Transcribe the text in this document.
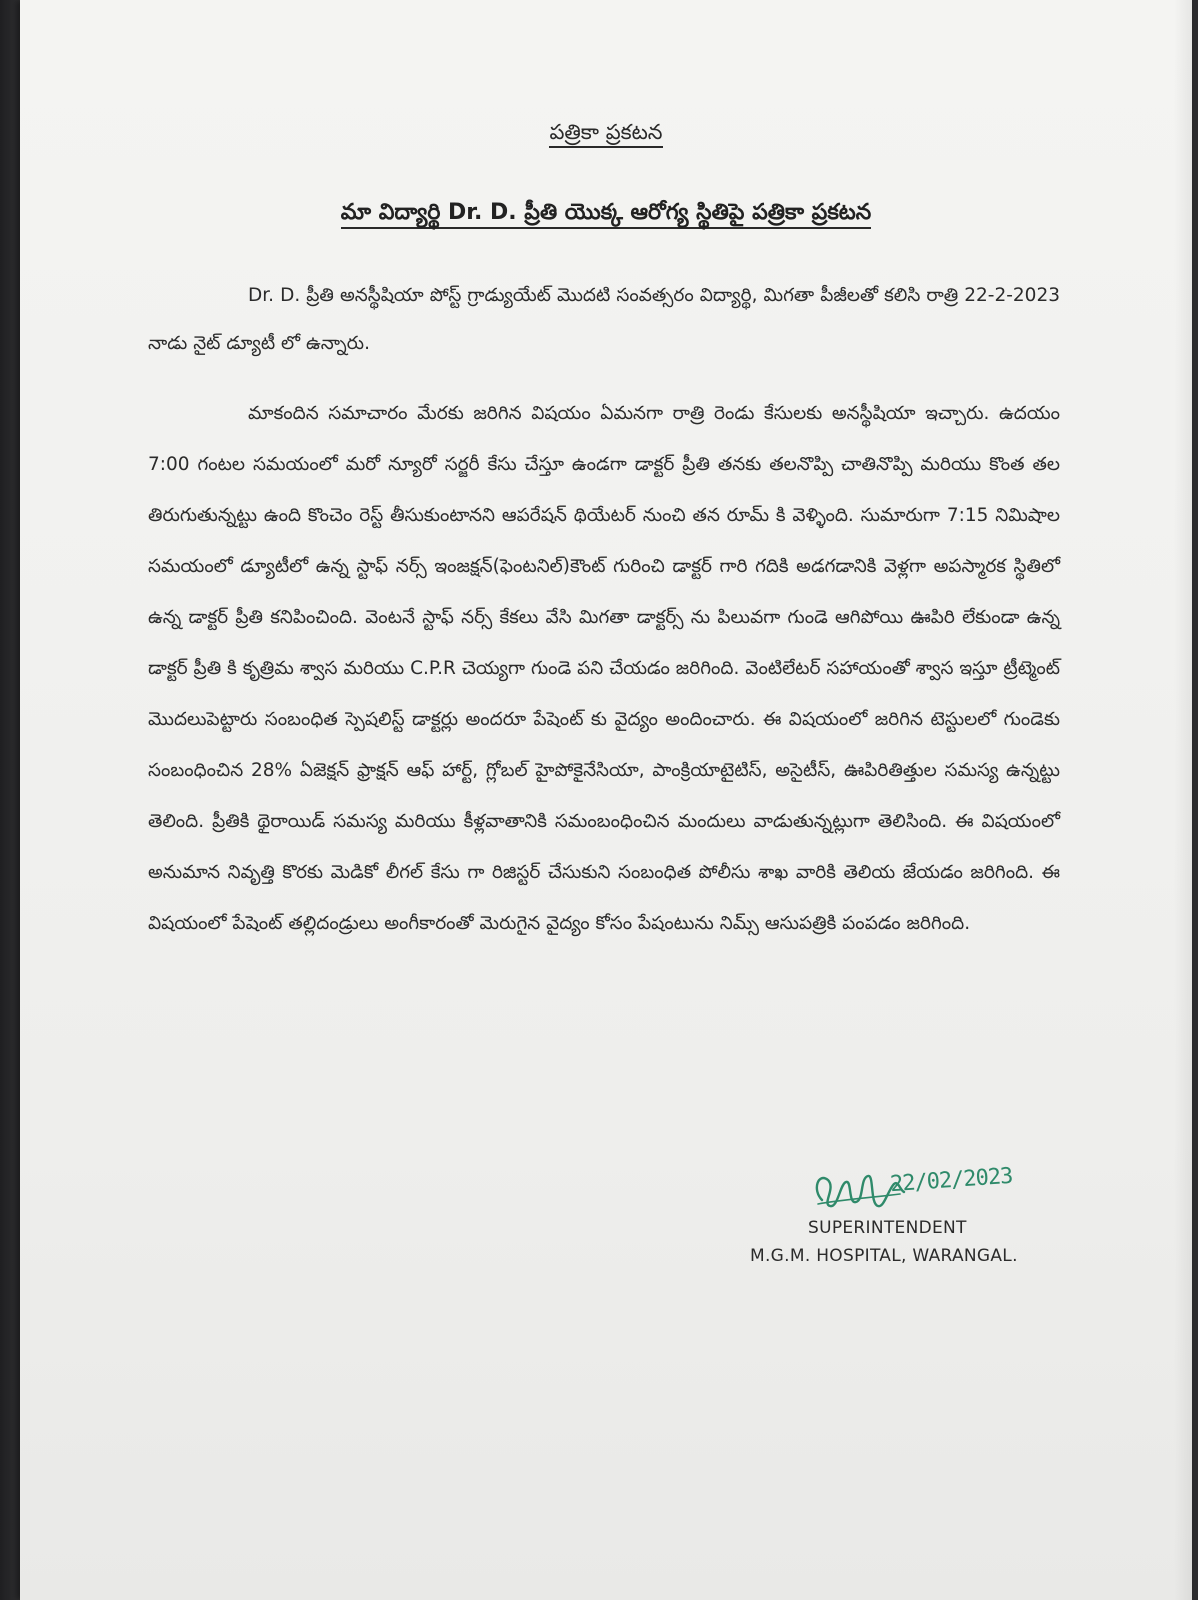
పత్రికా ప్రకటన
మా విద్యార్థి Dr. D. ప్రీతి యొక్క ఆరోగ్య స్థితిపై పత్రికా ప్రకటన
Dr. D. ప్రీతి అనస్థీషియా పోస్ట్ గ్రాడ్యుయేట్ మొదటి సంవత్సరం విద్యార్థి, మిగతా పీజీలతో కలిసి రాత్రి 22-2-2023 నాడు నైట్ డ్యూటీ లో ఉన్నారు.
మాకందిన సమాచారం మేరకు జరిగిన విషయం ఏమనగా రాత్రి రెండు కేసులకు అనస్థీషియా ఇచ్చారు. ఉదయం 7:00 గంటల సమయంలో మరో న్యూరో సర్జరీ కేసు చేస్తూ ఉండగా డాక్టర్ ప్రీతి తనకు తలనొప్పి చాతినొప్పి మరియు కొంత తల తిరుగుతున్నట్టు ఉంది కొంచెం రెస్ట్ తీసుకుంటానని ఆపరేషన్ థియేటర్ నుంచి తన రూమ్ కి వెళ్ళింది. సుమారుగా 7:15 నిమిషాల సమయంలో డ్యూటీలో ఉన్న స్టాఫ్ నర్స్ ఇంజక్షన్(ఫెంటనిల్)కౌంట్ గురించి డాక్టర్ గారి గదికి అడగడానికి వెళ్లగా అపస్మారక స్థితిలో ఉన్న డాక్టర్ ప్రీతి కనిపించింది. వెంటనే స్టాఫ్ నర్స్ కేకలు వేసి మిగతా డాక్టర్స్ ను పిలువగా గుండె ఆగిపోయి ఊపిరి లేకుండా ఉన్న డాక్టర్ ప్రీతి కి కృత్రిమ శ్వాస మరియు C.P.R చెయ్యగా గుండె పని చేయడం జరిగింది. వెంటిలేటర్ సహాయంతో శ్వాస ఇస్తూ ట్రీట్మెంట్ మొదలుపెట్టారు సంబంధిత స్పెషలిస్ట్ డాక్టర్లు అందరూ పేషెంట్ కు వైద్యం అందించారు. ఈ విషయంలో జరిగిన టెస్టులలో గుండెకు సంబంధించిన 28% ఏజెక్షన్ ఫ్రాక్షన్ ఆఫ్ హార్ట్, గ్లోబల్ హైపోకైనేసియా, పాంక్రియాటైటిస్, అసైటీస్, ఊపిరితిత్తుల సమస్య ఉన్నట్టు తెలింది. ప్రీతికి థైరాయిడ్ సమస్య మరియు కీళ్లవాతానికి సమంబంధించిన మందులు వాడుతున్నట్లుగా తెలిసింది. ఈ విషయంలో అనుమాన నివృత్తి కొరకు మెడికో లీగల్ కేసు గా రిజిస్టర్ చేసుకుని సంబంధిత పోలీసు శాఖ వారికి తెలియ జేయడం జరిగింది. ఈ విషయంలో పేషెంట్ తల్లిదండ్రులు అంగీకారంతో మెరుగైన వైద్యం కోసం పేషంటును నిమ్స్ ఆసుపత్రికి పంపడం జరిగింది.
22/02/2023
SUPERINTENDENT
M.G.M. HOSPITAL, WARANGAL.
